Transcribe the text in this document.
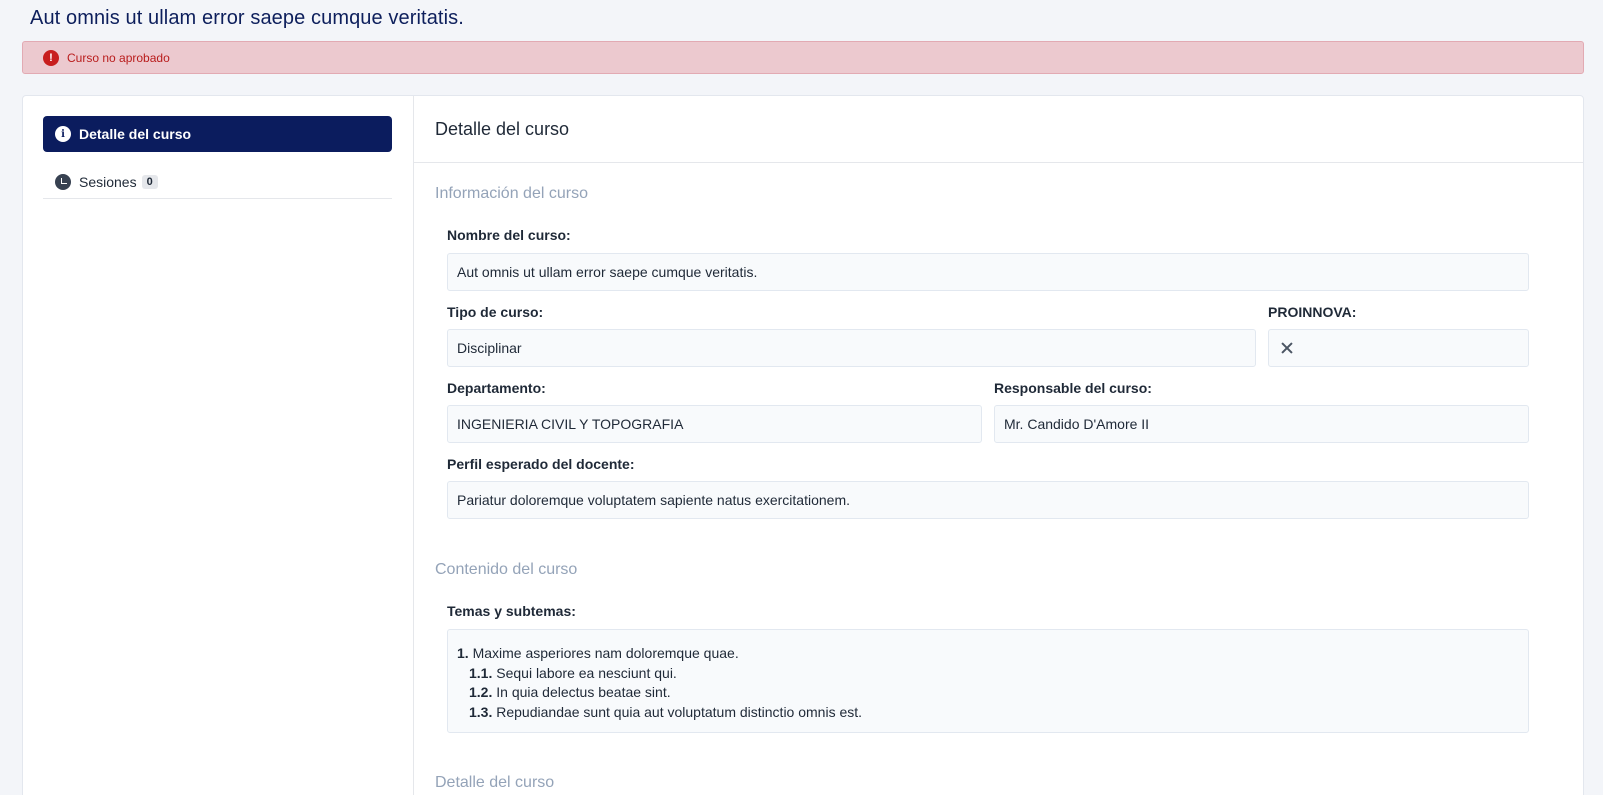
Aut omnis ut ullam error saepe cumque veritatis.
!	Curso no aprobado
i	Detalle del curso
Sesiones 0
Detalle del curso
Información del curso
Nombre del curso:
Aut omnis ut ullam error saepe cumque veritatis.
Tipo de curso:
Disciplinar
PROINNOVA:
Departamento:
INGENIERIA CIVIL Y TOPOGRAFIA
Responsable del curso:
Mr. Candido D'Amore II
Perfil esperado del docente:
Pariatur doloremque voluptatem sapiente natus exercitationem.
Contenido del curso
Temas y subtemas:
1. Maxime asperiores nam doloremque quae.
1.1. Sequi labore ea nesciunt qui.
1.2. In quia delectus beatae sint.
1.3. Repudiandae sunt quia aut voluptatum distinctio omnis est.
Detalle del curso
